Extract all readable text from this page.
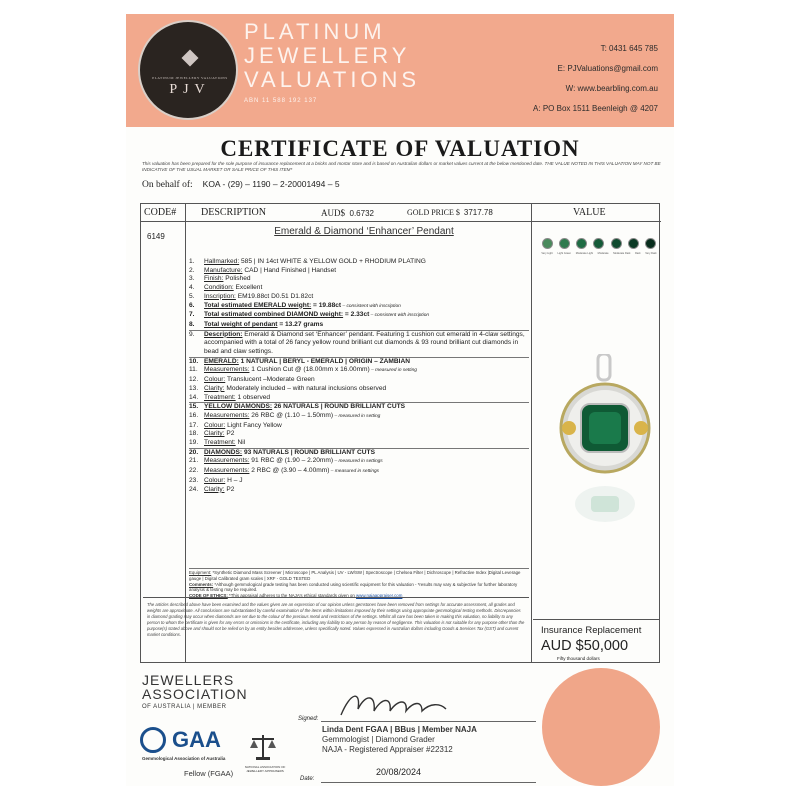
PLATINUM JEWELLERY VALUATIONS
PJV
PLATINUM
JEWELLERY
VALUATIONS
ABN 11 588 192 137
T: 0431 645 785
E: PJValuations@gmail.com
W: www.bearbling.com.au
A: PO Box 1511 Beenleigh @ 4207
CERTIFICATE OF VALUATION
This valuation has been prepared for the sole purpose of insurance replacement at a bricks and mortar store and is based on Australian dollars or market values current at the below mentioned date. THE VALUE NOTED IN THIS VALUATION MAY NOT BE INDICATIVE OF THE USUAL MARKET OR SALE PRICE OF THIS ITEM*
On behalf of: KOA - (29) – 1190 – 2-20001494 – 5
CODE# DESCRIPTION	AUD$ 0.6732	GOLD PRICE $ 3717.78	VALUE
6149	Emerald & Diamond ‘Enhancer’ Pendant
1.	Hallmarked: 585 | IN 14ct WHITE & YELLOW GOLD + RHODIUM PLATING
2.	Manufacture: CAD | Hand Finished | Handset
3.	Finish: Polished
4.	Condition: Excellent
5.	Inscription: EM19.88ct D0.51 D1.82ct
6.	Total estimated EMERALD weight: = 19.88ct – consistent with inscription
7.	Total estimated combined DIAMOND weight: = 2.33ct – consistent with inscription
8.	Total weight of pendant = 13.27 grams
9.	Description: Emerald & Diamond set ‘Enhancer’ pendant. Featuring 1 cushion cut emerald in 4-claw settings, accompanied with a total of 26 fancy yellow round brilliant cut diamonds & 93 round brilliant cut diamonds in bead and claw settings.
10. EMERALD: 1 NATURAL | BERYL - EMERALD | ORIGIN – ZAMBIAN
11. Measurements: 1 Cushion Cut @ (18.00mm x 16.00mm) – measured in setting
12. Colour: Translucent –Moderate Green
13. Clarity: Moderately included – with natural inclusions observed
14. Treatment: 1 observed
15. YELLOW DIAMONDS: 26 NATURALS | ROUND BRILLIANT CUTS
16. Measurements: 26 RBC @ (1.10 – 1.50mm) – measured in setting
17. Colour: Light Fancy Yellow
18. Clarity: P2
19. Treatment: Nil
20. DIAMONDS: 93 NATURALS | ROUND BRILLIANT CUTS
21. Measurements: 91 RBC @ (1.90 – 2.20mm) – measured in settings
22. Measurements: 2 RBC @ (3.90 – 4.00mm) – measured in settings
23. Colour: H – J
24. Clarity: P2
Equipment: *Synthetic Diamond Mass Screener | Microscope | PL Analysis | UV - LW/SW | Spectroscope | Chelsea Filter | Dichroscope | Refractive Index |Digital Leverage gauge | Digital Calibrated gram scales | XRF - GOLD TESTED
Comments: *Although gemmological grade testing has been conducted using scientific equipment for this valuation - *results may vary & subjective for further laboratory analysis & testing may be required.
CODE OF ETHICS: *This appraisal adheres to the NAJA’s ethical standards given on www.najaappraiser.com
The articles described above have been examined and the values given are an expression of our opinion unless gemstones have been removed from settings for accurate assessment, all grades and weights are approximate. All conclusions are substantiated by careful examination of the items within limitations imposed by their settings using appropriate gemmological testing methods. Discrepancies in diamond grading may occur when diamonds are set due to the colour of the precious metal and restrictions of the settings. Whilst all care has been taken in making this valuation, no liability to any person to whom the certificate is given for any errors or omissions in the certificate, including any liability to any person by reason of negligence. This valuation is not suitable for any purpose other than the purpose(s) stated above and should not be relied on by an entity besides addressee, unless specifically noted. Values expressed in Australian dollars including Goods & Services Tax (GST) and current market conditions.
Very Light Light Green Moderate Light Moderate Moderate Dark Dark Very Dark
Insurance Replacement
AUD $50,000
Fifty thousand dollars
JEWELLERS
ASSOCIATION
OF AUSTRALIA | MEMBER
GAA
Gemmological Association of Australia
Fellow (FGAA)
NATIONAL ASSOCIATION OF JEWELLERY APPRAISERS
Signed:
Linda Dent FGAA | BBus | Member NAJA
Gemmologist | Diamond Grader
NAJA - Registered Appraiser #22312
Date:
20/08/2024
